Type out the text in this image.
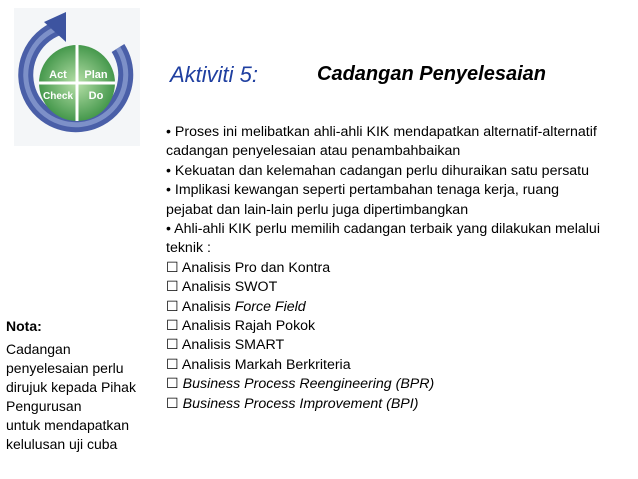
Act Plan
Check Do
Aktiviti 5:	Cadangan Penyelesaian
• Proses ini melibatkan ahli-ahli KIK mendapatkan alternatif-alternatif
cadangan penyelesaian atau penambahbaikan
• Kekuatan dan kelemahan cadangan perlu dihuraikan satu persatu
• Implikasi kewangan seperti pertambahan tenaga kerja, ruang
pejabat dan lain-lain perlu juga dipertimbangkan
• Ahli-ahli KIK perlu memilih cadangan terbaik yang dilakukan melalui
teknik :
☐ Analisis Pro dan Kontra
☐ Analisis SWOT
☐ Analisis Force Field
☐ Analisis Rajah Pokok
☐ Analisis SMART
☐ Analisis Markah Berkriteria
☐ Business Process Reengineering (BPR)
☐ Business Process Improvement (BPI)
Nota:
Cadangan
penyelesaian perlu
dirujuk kepada Pihak
Pengurusan
untuk mendapatkan
kelulusan uji cuba
